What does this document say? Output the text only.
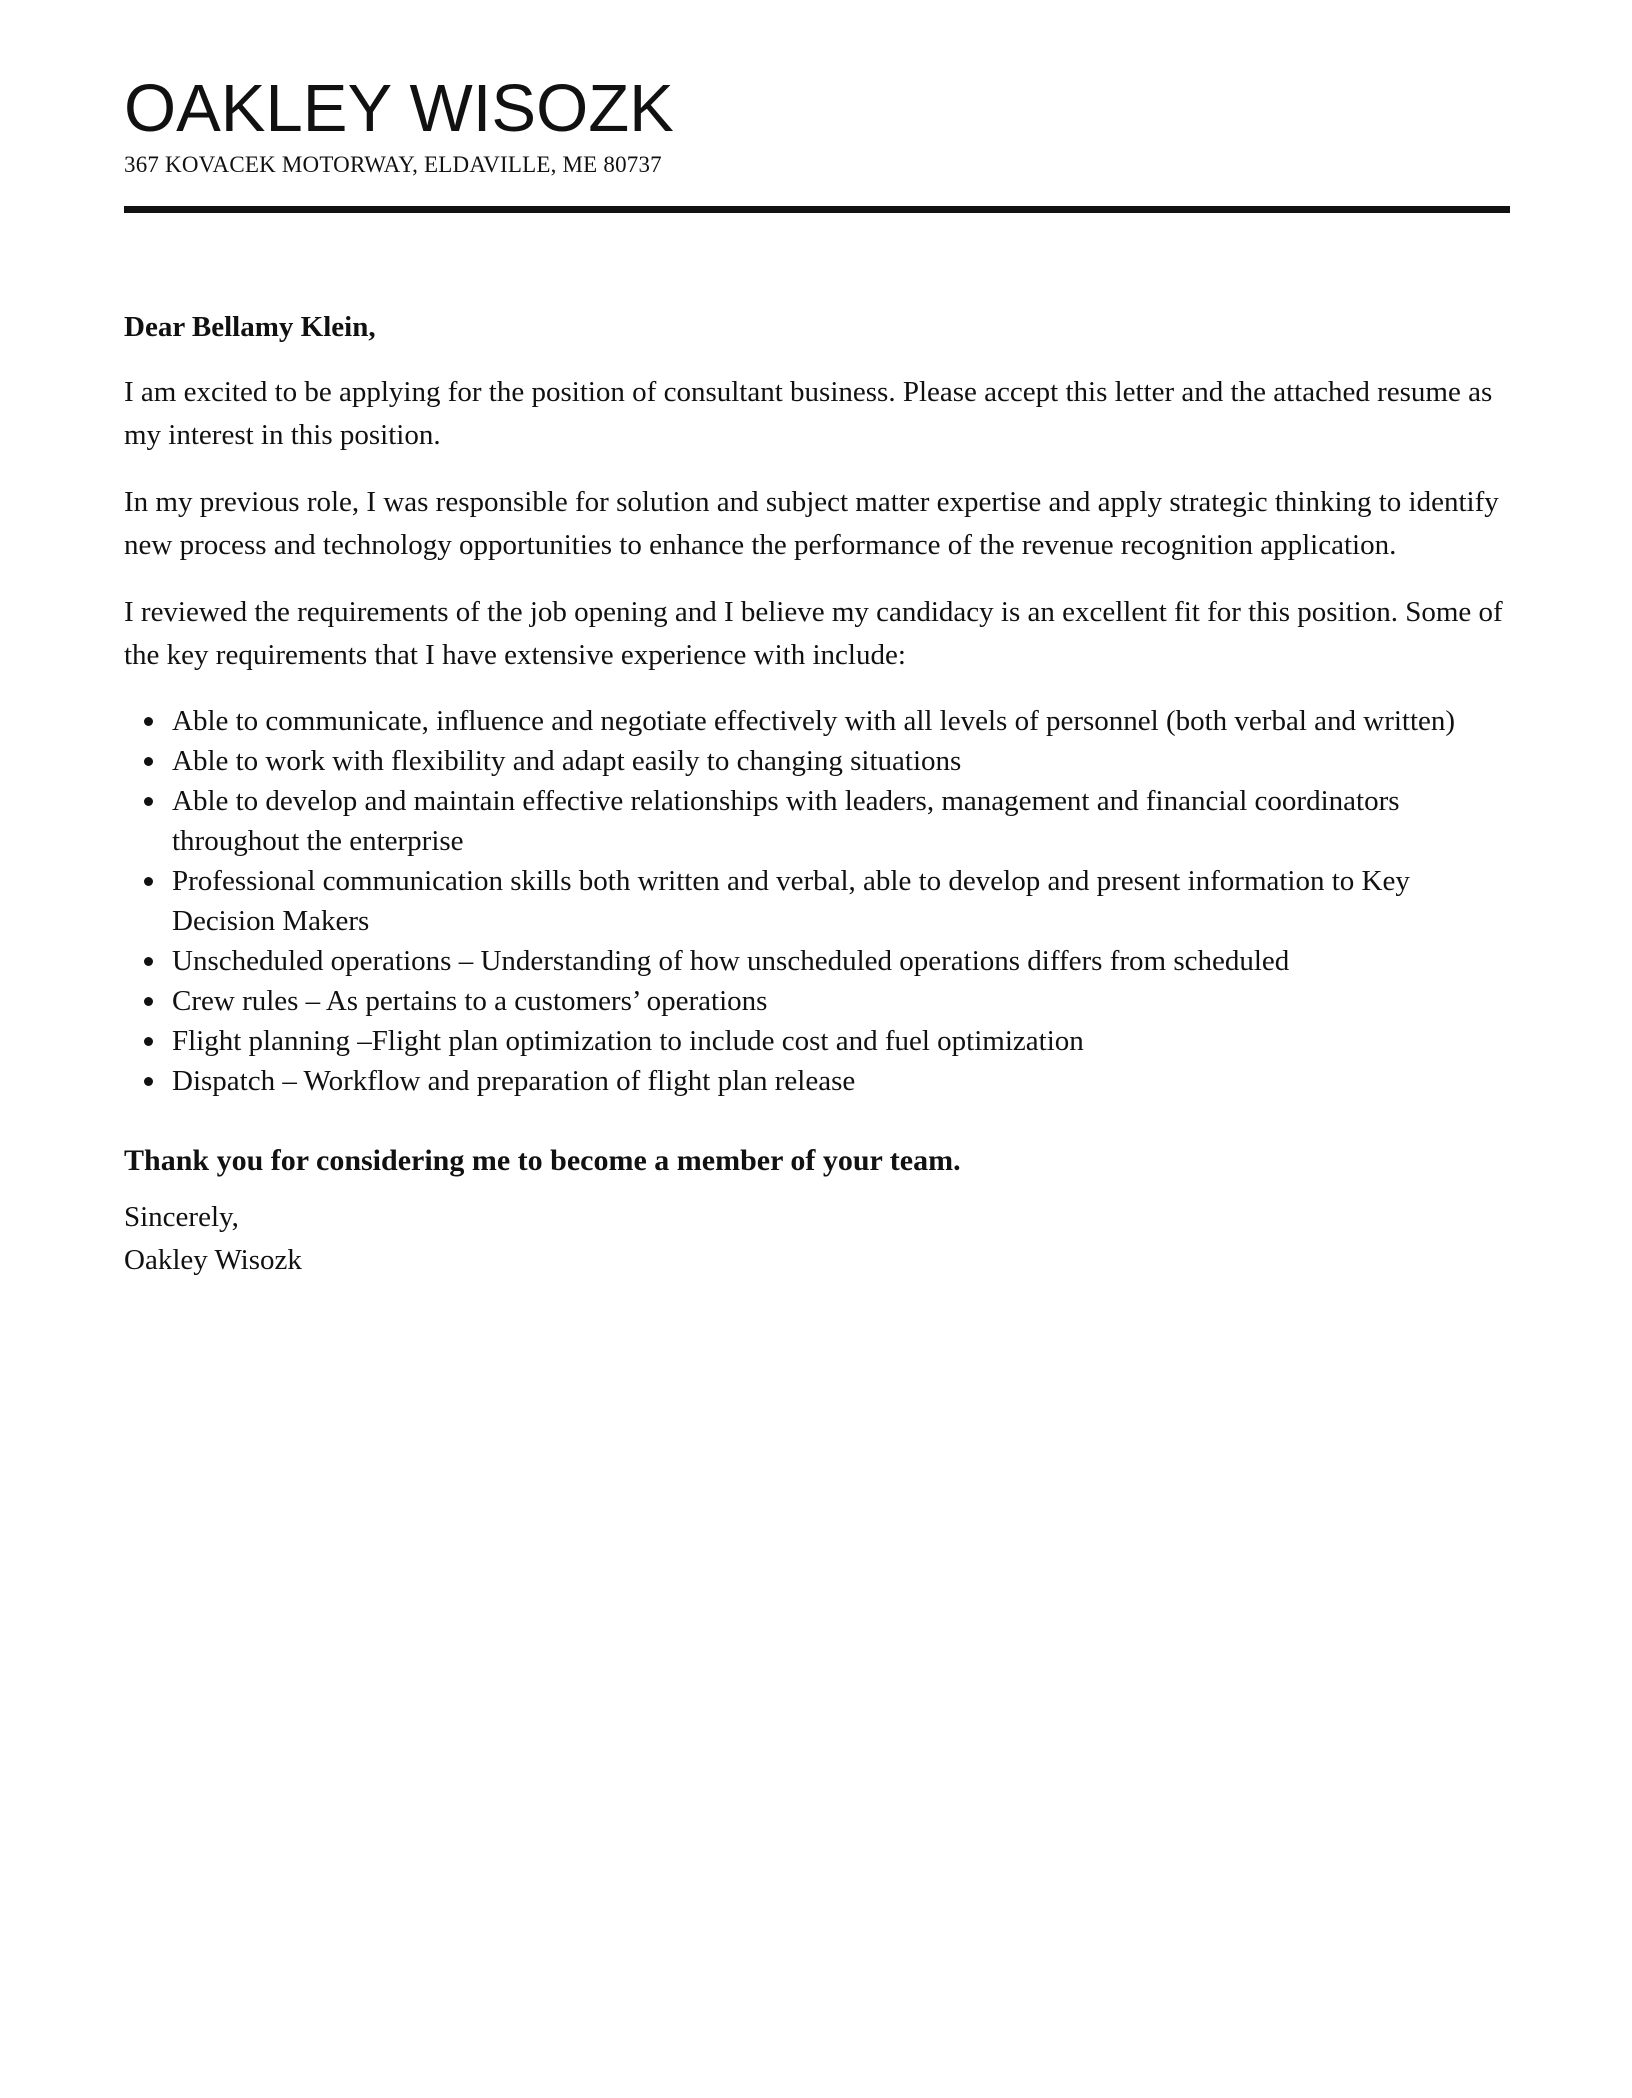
OAKLEY WISOZK
367 KOVACEK MOTORWAY, ELDAVILLE, ME 80737

Dear Bellamy Klein,

I am excited to be applying for the position of consultant business. Please accept this letter and the attached resume as my interest in this position.

In my previous role, I was responsible for solution and subject matter expertise and apply strategic thinking to identify new process and technology opportunities to enhance the performance of the revenue recognition application.

I reviewed the requirements of the job opening and I believe my candidacy is an excellent fit for this position. Some of the key requirements that I have extensive experience with include:

Able to communicate, influence and negotiate effectively with all levels of personnel (both verbal and written)
Able to work with flexibility and adapt easily to changing situations
Able to develop and maintain effective relationships with leaders, management and financial coordinators throughout the enterprise
Professional communication skills both written and verbal, able to develop and present information to Key Decision Makers
Unscheduled operations – Understanding of how unscheduled operations differs from scheduled
Crew rules – As pertains to a customers’ operations
Flight planning –Flight plan optimization to include cost and fuel optimization
Dispatch – Workflow and preparation of flight plan release

Thank you for considering me to become a member of your team.

Sincerely,

Oakley Wisozk
